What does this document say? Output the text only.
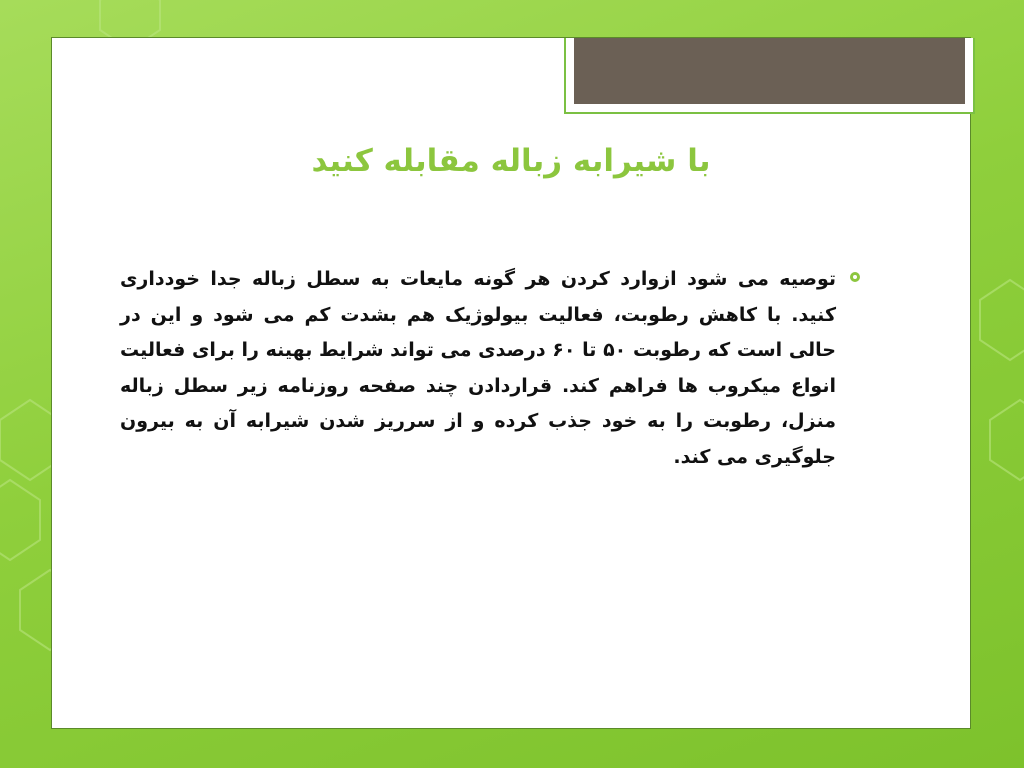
با شیرابه زباله مقابله کنید

توصیه می شود ازوارد کردن هر گونه مایعات به سطل زباله جدا خودداری کنید. با کاهش رطوبت، فعالیت بیولوژیک هم بشدت کم می شود و این در حالی است که رطوبت ۵۰ تا ۶۰ درصدی می تواند شرایط بهینه را برای فعالیت انواع میکروب ها فراهم کند. قراردادن چند صفحه روزنامه زیر سطل زباله منزل، رطوبت را به خود جذب کرده و از سرریز شدن شیرابه آن به بیرون جلوگیری می کند.
